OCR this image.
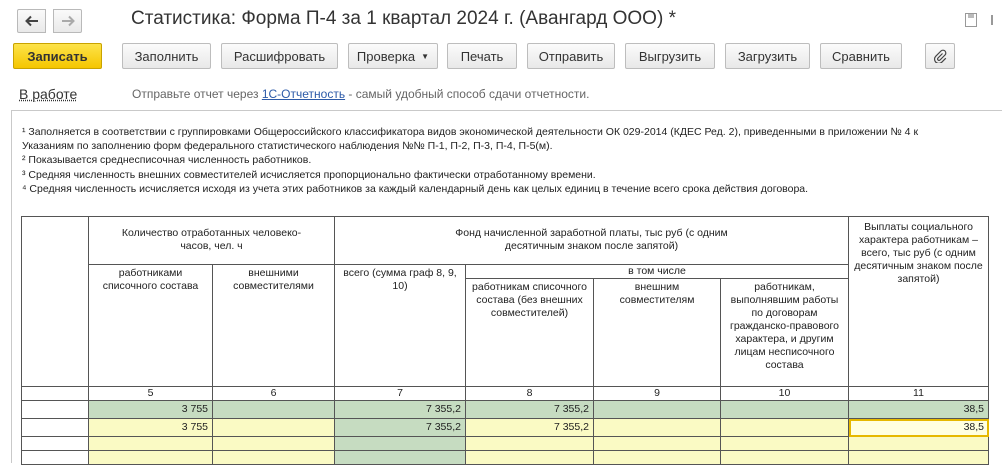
Статистика: Форма П-4 за 1 квартал 2024 г. (Авангард ООО) *
Записать	Заполнить	Расшифровать Проверка ▼ Печать	Отправить	Выгрузить	Загрузить	Сравнить
В работе	Отправьте отчет через 1С-Отчетность - самый удобный способ сдачи отчетности.
¹ Заполняется в соответствии с группировками Общероссийского классификатора видов экономической деятельности ОК 029-2014 (КДЕС Ред. 2), приведенными в приложении № 4 к
Указаниям по заполнению форм федерального статистического наблюдения №№ П-1, П-2, П-3, П-4, П-5(м).
² Показывается среднесписочная численность работников.
³ Средняя численность внешних совместителей исчисляется пропорционально фактически отработанному времени.
⁴ Средняя численность исчисляется исходя из учета этих работников за каждый календарный день как целых единиц в течение всего срока действия договора.
	Количество отработанных человеко-часов, чел. ч		Фонд начисленной заработной платы, тыс руб (с одним десятичным знаком после запятой)				Выплаты социального характера работникам – всего, тыс руб (с одним десятичным знаком после запятой)
	работниками списочного состава	внешними совместителями	всего (сумма граф 8, 9, 10)	в том числе			
				работникам списочного состава (без внешних совместителей)	внешним совместителям	работникам, выполнявшим работы по договорам гражданско-правового характера, и другим лицам несписочного состава	
	5	6	7	8	9	10	11
	3 755		7 355,2	7 355,2			38,5
	3 755		7 355,2	7 355,2			38,5
